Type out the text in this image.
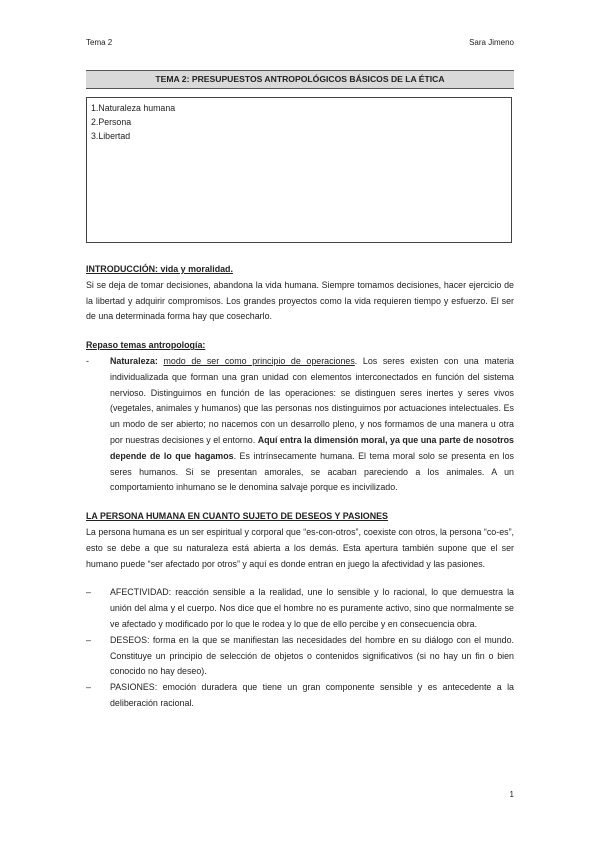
Tema 2	Sara Jimeno
TEMA 2: PRESUPUESTOS ANTROPOLÓGICOS BÁSICOS DE LA ÉTICA
1.Naturaleza humana
2.Persona
3.Libertad

INTRODUCCIÓN: vida y moralidad.

Si se deja de tomar decisiones, abandona la vida humana. Siempre tomamos decisiones, hacer ejercicio de la libertad y adquirir compromisos. Los grandes proyectos como la vida requieren tiempo y esfuerzo. El ser de una determinada forma hay que cosecharlo.

Repaso temas antropología:

- Naturaleza: modo de ser como principio de operaciones. Los seres existen con una materia individualizada que forman una gran unidad con elementos interconectados en función del sistema nervioso. Distinguimos en función de las operaciones: se distinguen seres inertes y seres vivos (vegetales, animales y humanos) que las personas nos distinguimos por actuaciones intelectuales. Es un modo de ser abierto; no nacemos con un desarrollo pleno, y nos formamos de una manera u otra por nuestras decisiones y el entorno. Aquí entra la dimensión moral, ya que una parte de nosotros depende de lo que hagamos. Es intrínsecamente humana. El tema moral solo se presenta en los seres humanos. Si se presentan amorales, se acaban pareciendo a los animales. A un comportamiento inhumano se le denomina salvaje porque es incivilizado.

LA PERSONA HUMANA EN CUANTO SUJETO DE DESEOS Y PASIONES

La persona humana es un ser espiritual y corporal que “es-con-otros”, coexiste con otros, la persona “co-es”, esto se debe a que su naturaleza está abierta a los demás. Esta apertura también supone que el ser humano puede “ser afectado por otros” y aquí es donde entran en juego la afectividad y las pasiones.

– AFECTIVIDAD: reacción sensible a la realidad, une lo sensible y lo racional, lo que demuestra la unión del alma y el cuerpo. Nos dice que el hombre no es puramente activo, sino que normalmente se ve afectado y modificado por lo que le rodea y lo que de ello percibe y en consecuencia obra.
– DESEOS: forma en la que se manifiestan las necesidades del hombre en su diálogo con el mundo. Constituye un principio de selección de objetos o contenidos significativos (si no hay un fin o bien conocido no hay deseo).
– PASIONES: emoción duradera que tiene un gran componente sensible y es antecedente a la deliberación racional.
1
